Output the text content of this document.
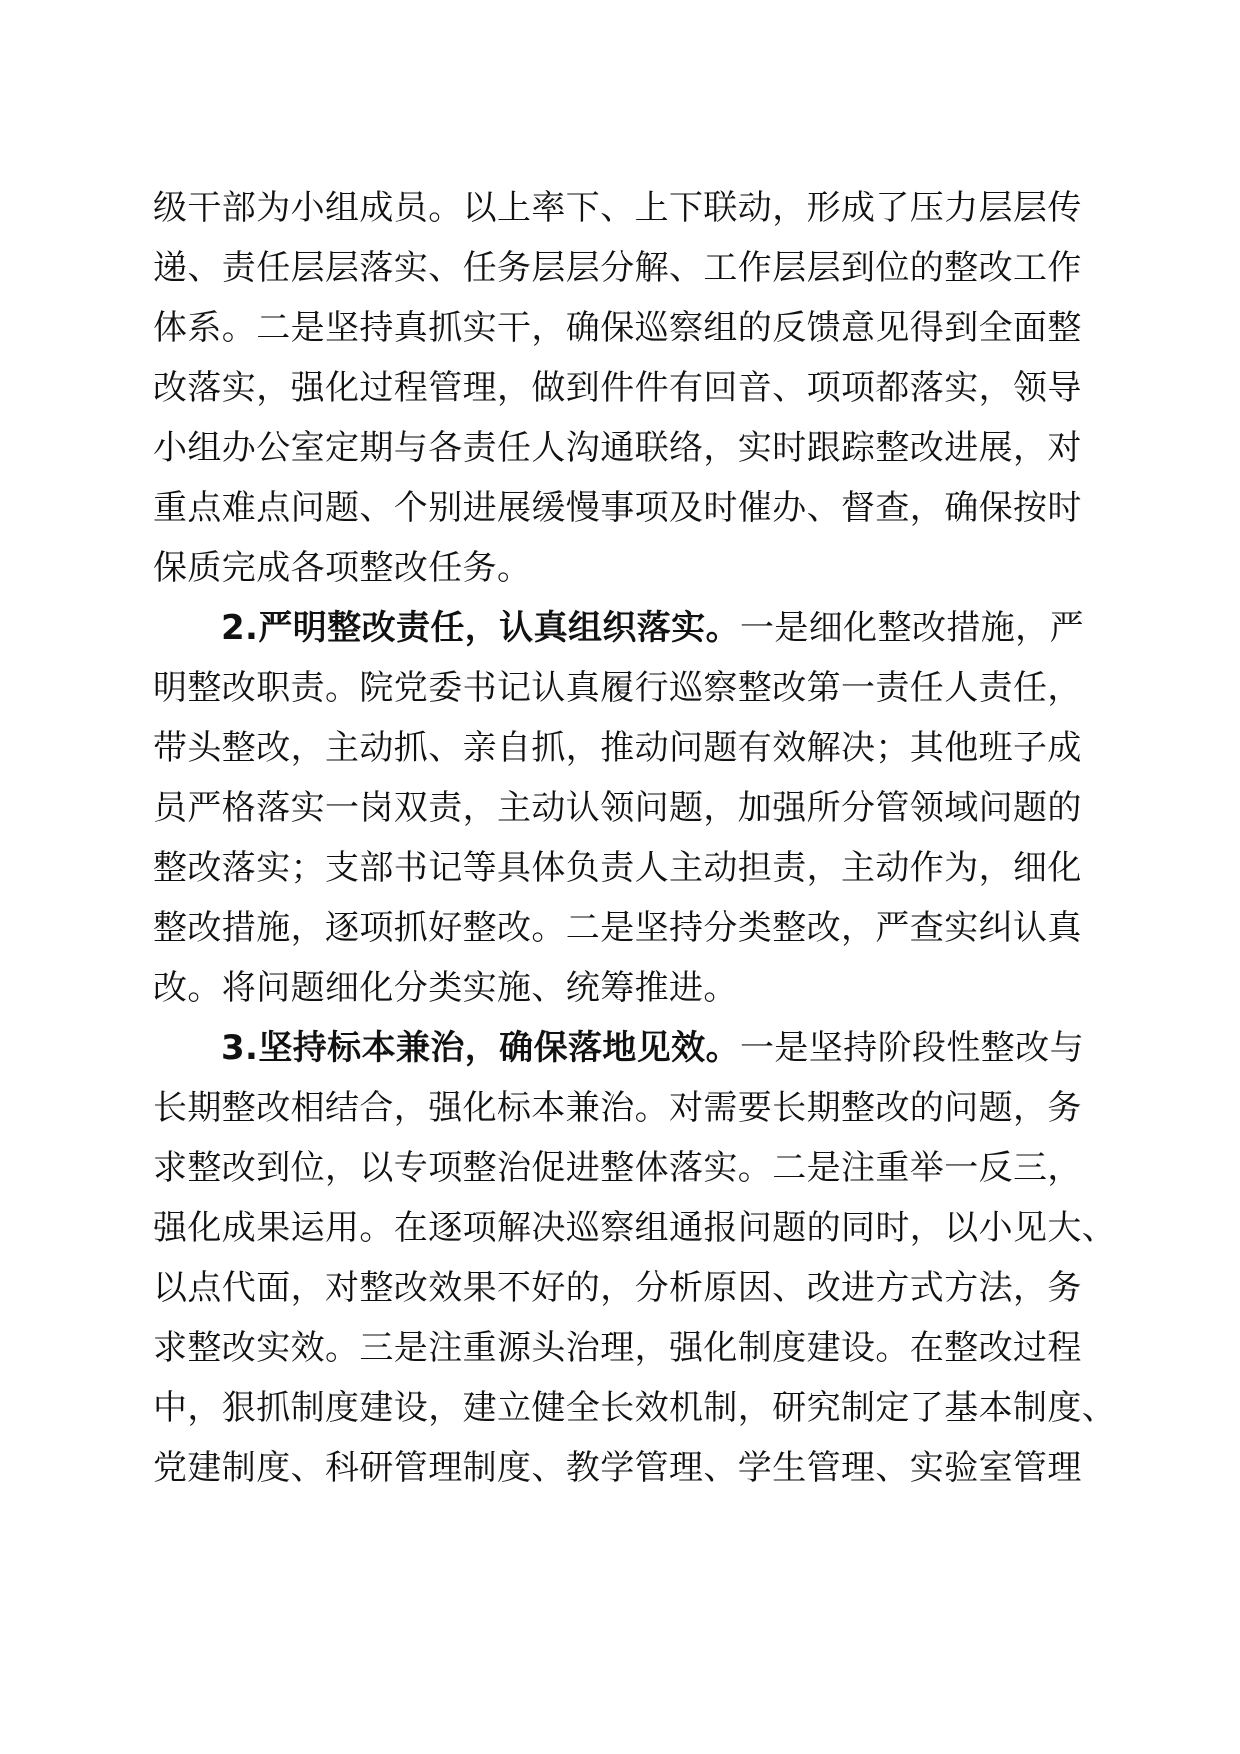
级干部为小组成员。以上率下、上下联动，形成了压力层层传
递、责任层层落实、任务层层分解、工作层层到位的整改工作
体系。二是坚持真抓实干，确保巡察组的反馈意见得到全面整
改落实，强化过程管理，做到件件有回音、项项都落实，领导
小组办公室定期与各责任人沟通联络，实时跟踪整改进展，对
重点难点问题、个别进展缓慢事项及时催办、督查，确保按时
保质完成各项整改任务。
2.严明整改责任，认真组织落实。一是细化整改措施，严
明整改职责。院党委书记认真履行巡察整改第一责任人责任，
带头整改，主动抓、亲自抓，推动问题有效解决；其他班子成
员严格落实一岗双责，主动认领问题，加强所分管领域问题的
整改落实；支部书记等具体负责人主动担责，主动作为，细化
整改措施，逐项抓好整改。二是坚持分类整改，严查实纠认真
改。将问题细化分类实施、统筹推进。
3.坚持标本兼治，确保落地见效。一是坚持阶段性整改与
长期整改相结合，强化标本兼治。对需要长期整改的问题，务
求整改到位，以专项整治促进整体落实。二是注重举一反三，
强化成果运用。在逐项解决巡察组通报问题的同时，以小见大、
以点代面，对整改效果不好的，分析原因、改进方式方法，务
求整改实效。三是注重源头治理，强化制度建设。在整改过程
中，狠抓制度建设，建立健全长效机制，研究制定了基本制度、
党建制度、科研管理制度、教学管理、学生管理、实验室管理
